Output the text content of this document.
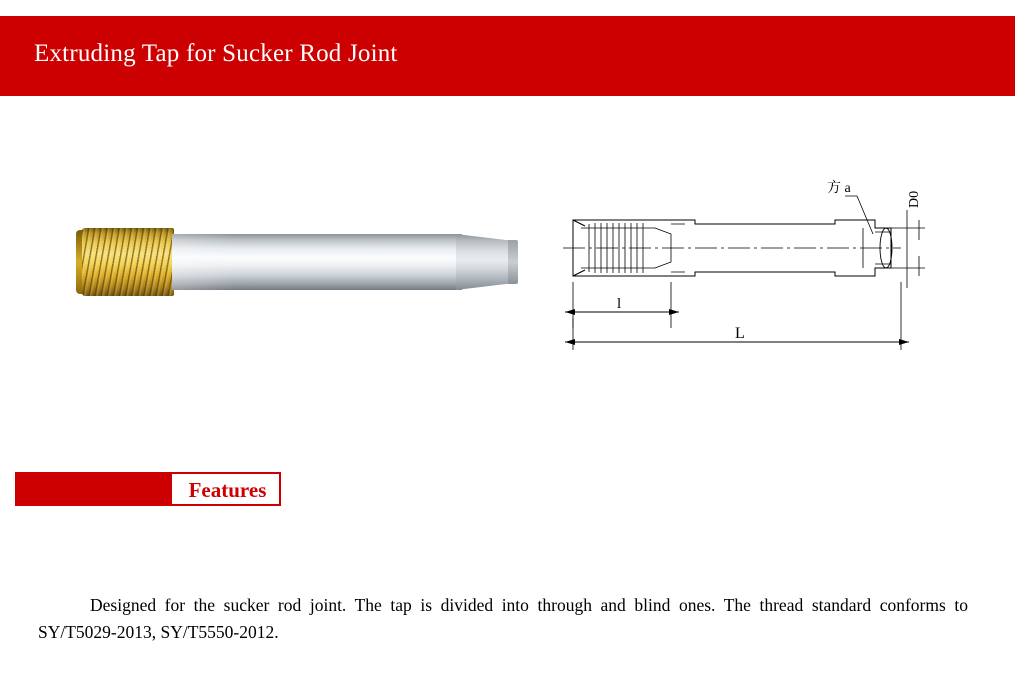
Extruding Tap for Sucker Rod Joint
方 a
D0
l
L
Features
Designed for the sucker rod joint. The tap is divided into through and blind ones. The thread standard conforms to SY/T5029-2013, SY/T5550-2012.
